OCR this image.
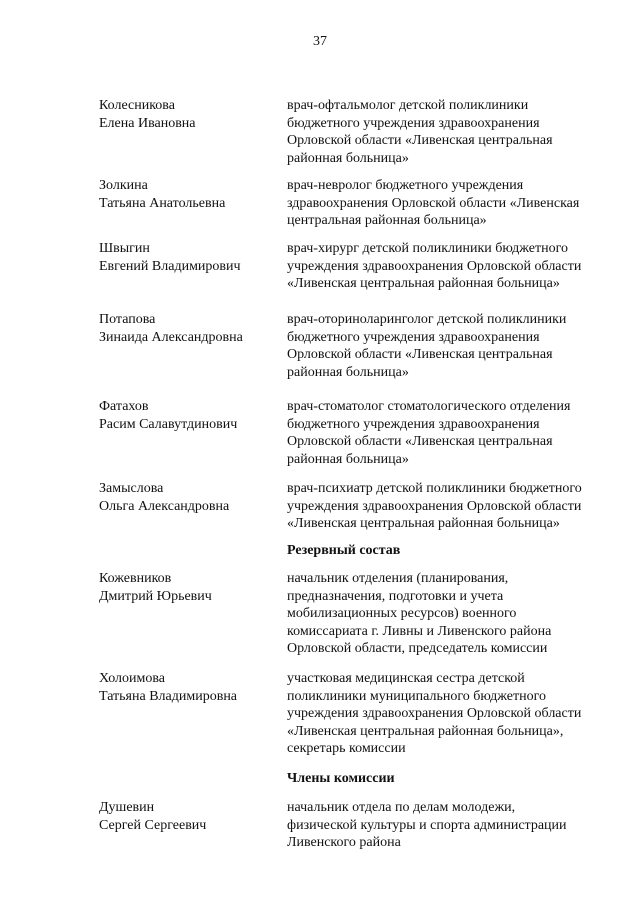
37
Колесникова
Елена Ивановна
врач-офтальмолог детской поликлиники
бюджетного учреждения здравоохранения
Орловской области «Ливенская центральная
районная больница»
Золкина
Татьяна Анатольевна
врач-невролог бюджетного учреждения
здравоохранения Орловской области «Ливенская
центральная районная больница»
Швыгин
Евгений Владимирович
врач-хирург детской поликлиники бюджетного
учреждения здравоохранения Орловской области
«Ливенская центральная районная больница»
Потапова
Зинаида Александровна
врач-оториноларинголог детской поликлиники
бюджетного учреждения здравоохранения
Орловской области «Ливенская центральная
районная больница»
Фатахов
Расим Салавутдинович
врач-стоматолог стоматологического отделения
бюджетного учреждения здравоохранения
Орловской области «Ливенская центральная
районная больница»
Замыслова
Ольга Александровна
врач-психиатр детской поликлиники бюджетного
учреждения здравоохранения Орловской области
«Ливенская центральная районная больница»
Резервный состав
Кожевников
Дмитрий Юрьевич
начальник отделения (планирования,
предназначения, подготовки и учета
мобилизационных ресурсов) военного
комиссариата г. Ливны и Ливенского района
Орловской области, председатель комиссии
Холоимова
Татьяна Владимировна
участковая медицинская сестра детской
поликлиники муниципального бюджетного
учреждения здравоохранения Орловской области
«Ливенская центральная районная больница»,
секретарь комиссии
Члены комиссии
Душевин
Сергей Сергеевич
начальник отдела по делам молодежи,
физической культуры и спорта администрации
Ливенского района
